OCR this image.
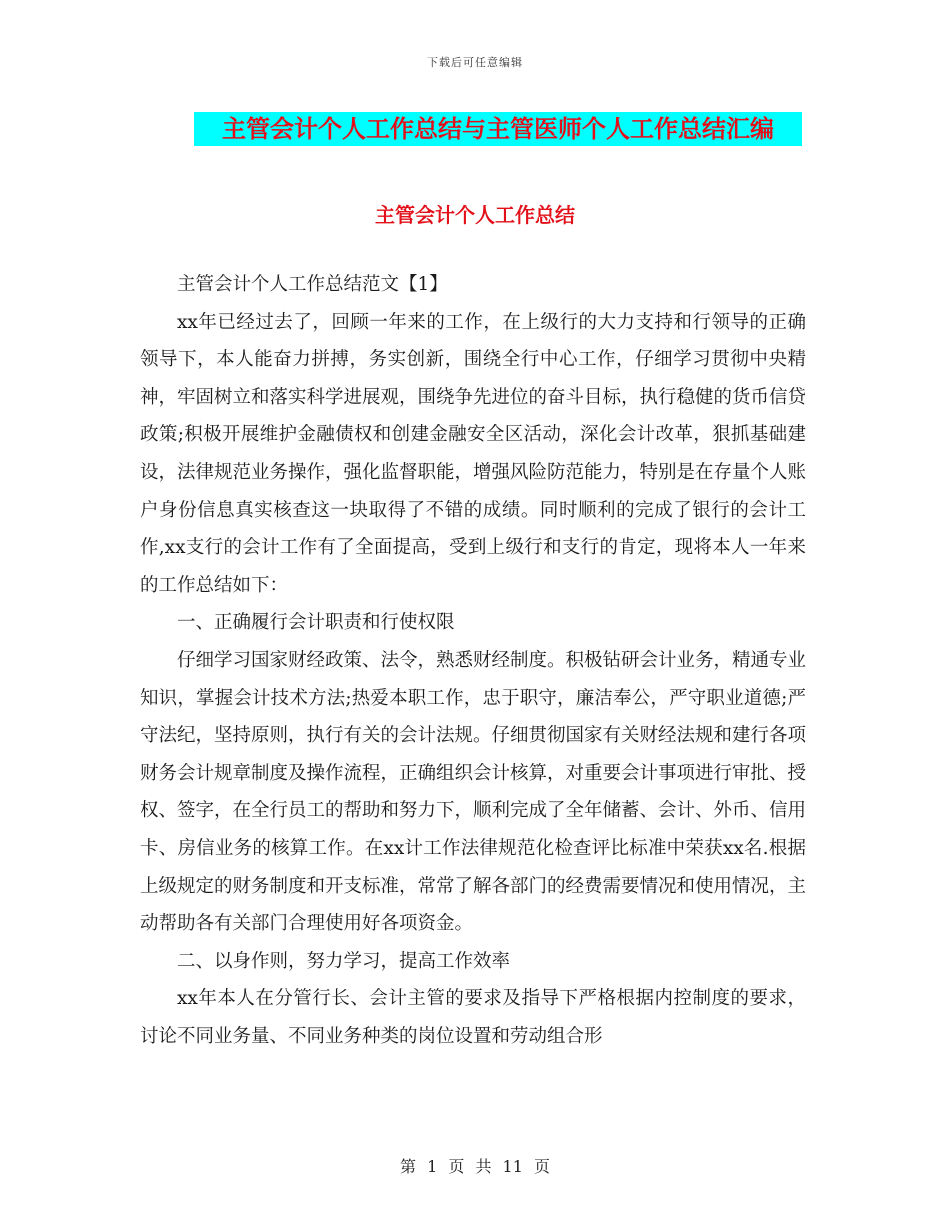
下载后可任意编辑
主管会计个人工作总结与主管医师个人工作总结汇编
主管会计个人工作总结

主管会计个人工作总结范文【1】

xx年已经过去了，回顾一年来的工作，在上级行的大力支持和行领导的正确领导下，本人能奋力拼搏，务实创新，围绕全行中心工作，仔细学习贯彻中央精神，牢固树立和落实科学进展观，围绕争先进位的奋斗目标，执行稳健的货币信贷政策;积极开展维护金融债权和创建金融安全区活动，深化会计改革，狠抓基础建设，法律规范业务操作，强化监督职能，增强风险防范能力，特别是在存量个人账户身份信息真实核查这一块取得了不错的成绩。同时顺利的完成了银行的会计工作,xx支行的会计工作有了全面提高，受到上级行和支行的肯定，现将本人一年来的工作总结如下：

一、正确履行会计职责和行使权限

仔细学习国家财经政策、法令，熟悉财经制度。积极钻研会计业务，精通专业知识，掌握会计技术方法;热爱本职工作，忠于职守，廉洁奉公，严守职业道德;严守法纪，坚持原则，执行有关的会计法规。仔细贯彻国家有关财经法规和建行各项财务会计规章制度及操作流程，正确组织会计核算，对重要会计事项进行审批、授权、签字，在全行员工的帮助和努力下，顺利完成了全年储蓄、会计、外币、信用卡、房信业务的核算工作。在xx计工作法律规范化检查评比标准中荣获xx名.根据上级规定的财务制度和开支标准，常常了解各部门的经费需要情况和使用情况，主动帮助各有关部门合理使用好各项资金。

二、以身作则，努力学习，提高工作效率

xx年本人在分管行长、会计主管的要求及指导下严格根据内控制度的要求，讨论不同业务量、不同业务种类的岗位设置和劳动组合形

第 1 页 共 11 页
